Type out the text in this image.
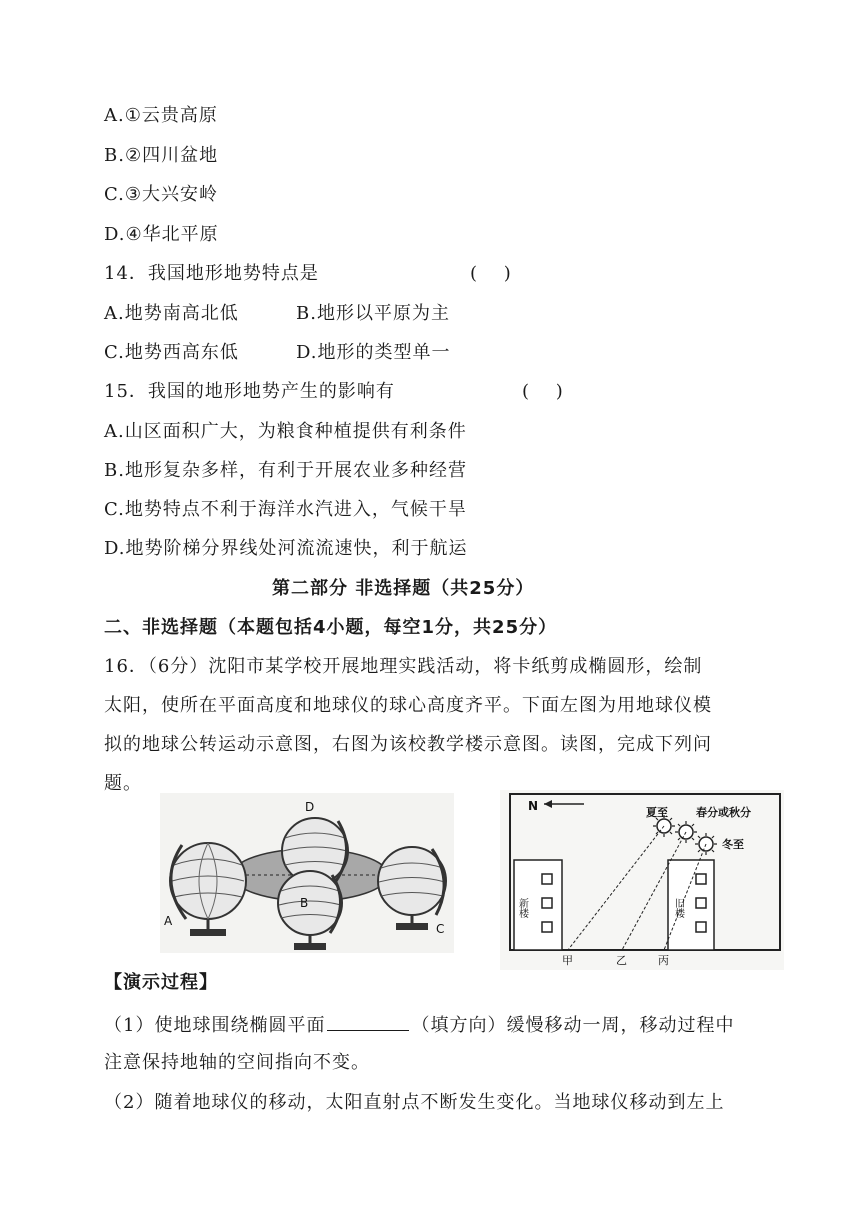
A.①云贵高原
B.②四川盆地
C.③大兴安岭
D.④华北平原
14．我国地形地势特点是	(　 )
A.地势南高北低	B.地形以平原为主
C.地势西高东低	D.地形的类型单一
15．我国的地形地势产生的影响有	(　 )
A.山区面积广大，为粮食种植提供有利条件
B.地形复杂多样，有利于开展农业多种经营
C.地势特点不利于海洋水汽进入，气候干旱
D.地势阶梯分界线处河流流速快，利于航运
第二部分 非选择题（共25分）
二、非选择题（本题包括4小题，每空1分，共25分）
16．（6分）沈阳市某学校开展地理实践活动，将卡纸剪成椭圆形，绘制
太阳，使所在平面高度和地球仪的球心高度齐平。下面左图为用地球仪模
拟的地球公转运动示意图，右图为该校教学楼示意图。读图，完成下列问
题。
A
D
B
C
N	夏至	春分或秋分
冬至
旧楼
新楼
甲	乙	丙
【演示过程】
（1）使地球围绕椭圆平面	（填方向）缓慢移动一周，移动过程中
注意保持地轴的空间指向不变。
（2）随着地球仪的移动，太阳直射点不断发生变化。当地球仪移动到左上
